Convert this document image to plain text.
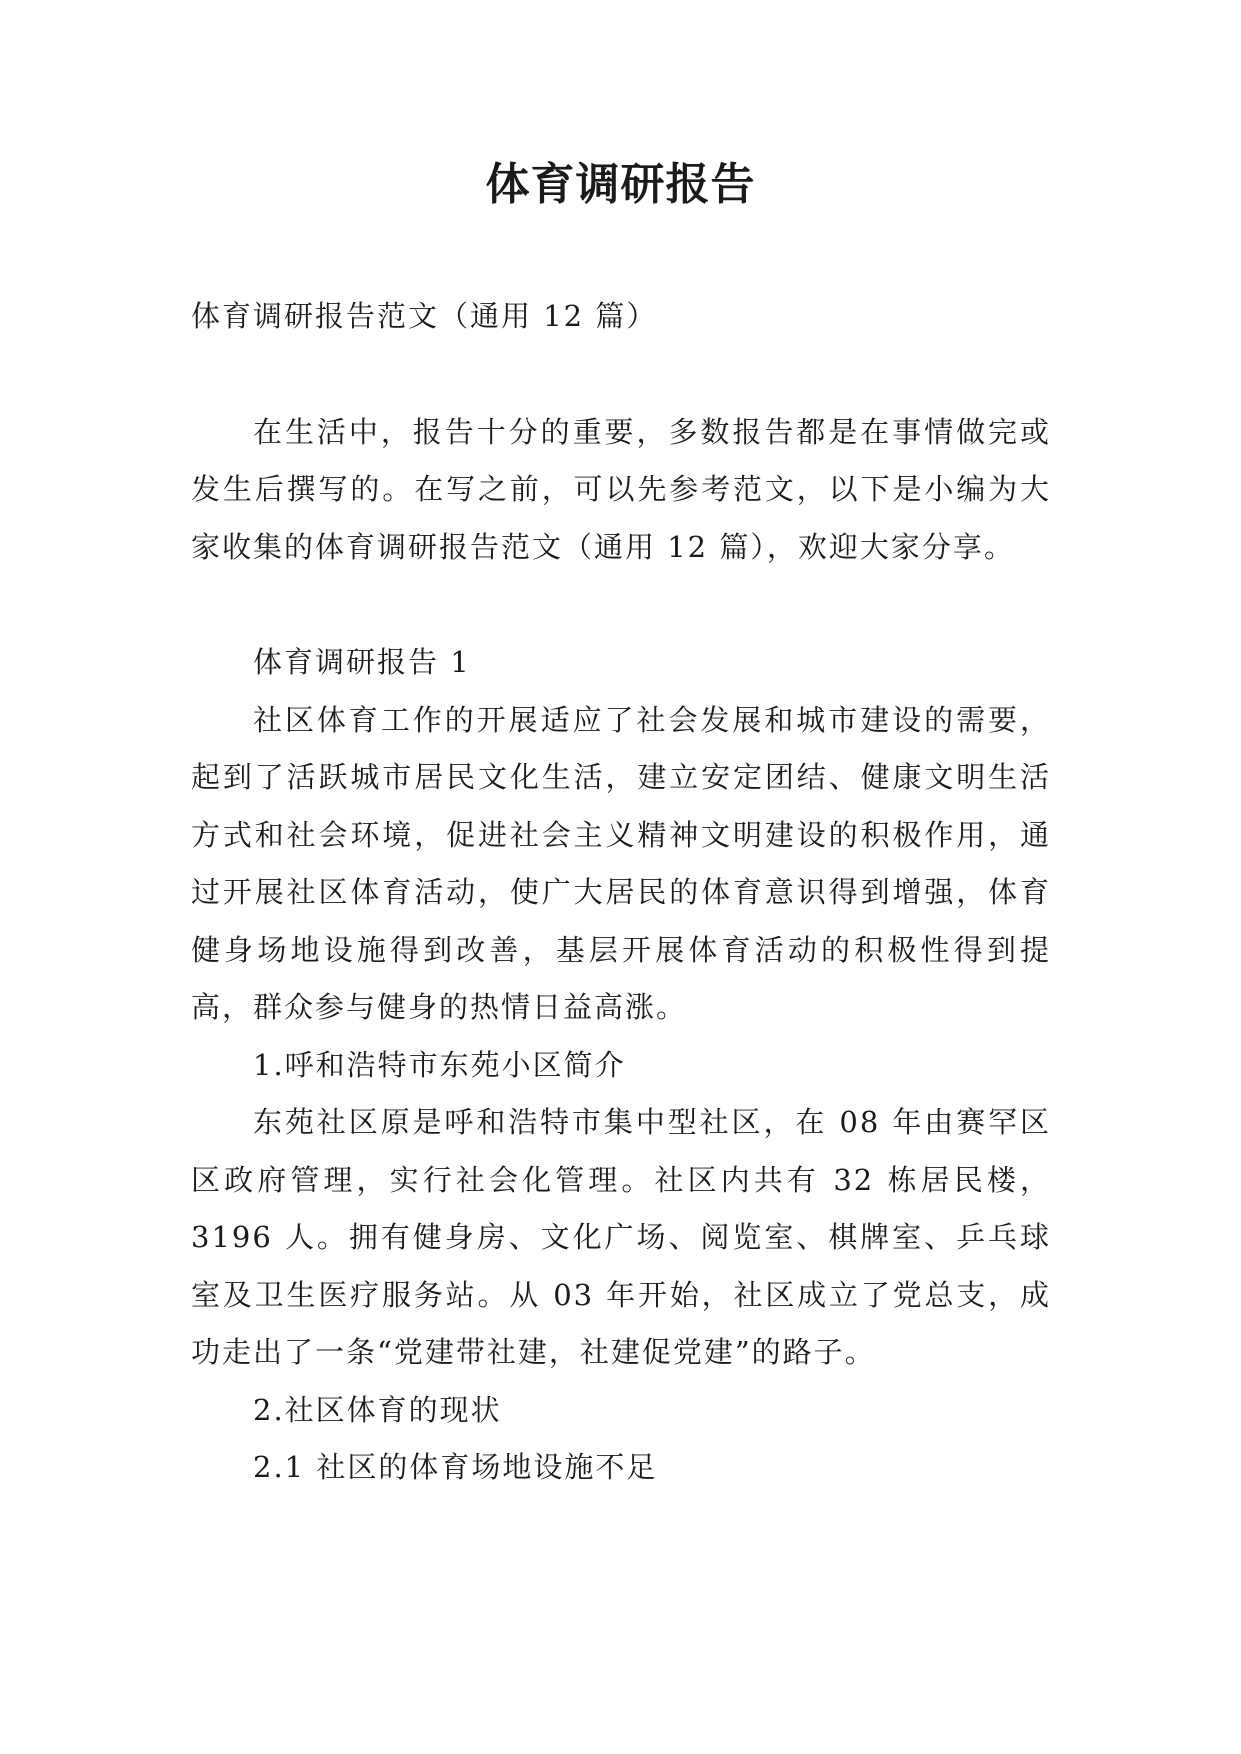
体育调研报告

体育调研报告范文（通用 12 篇）

在生活中，报告十分的重要，多数报告都是在事情做完或发生后撰写的。在写之前，可以先参考范文，以下是小编为大家收集的体育调研报告范文（通用 12 篇），欢迎大家分享。

体育调研报告 1

社区体育工作的开展适应了社会发展和城市建设的需要，起到了活跃城市居民文化生活，建立安定团结、健康文明生活方式和社会环境，促进社会主义精神文明建设的积极作用，通过开展社区体育活动，使广大居民的体育意识得到增强，体育健身场地设施得到改善，基层开展体育活动的积极性得到提高，群众参与健身的热情日益高涨。

1.呼和浩特市东苑小区简介

东苑社区原是呼和浩特市集中型社区，在 08 年由赛罕区区政府管理，实行社会化管理。社区内共有 32 栋居民楼，3196 人。拥有健身房、文化广场、阅览室、棋牌室、乒乓球室及卫生医疗服务站。从 03 年开始，社区成立了党总支，成功走出了一条“党建带社建，社建促党建”的路子。

2.社区体育的现状

2.1 社区的体育场地设施不足
